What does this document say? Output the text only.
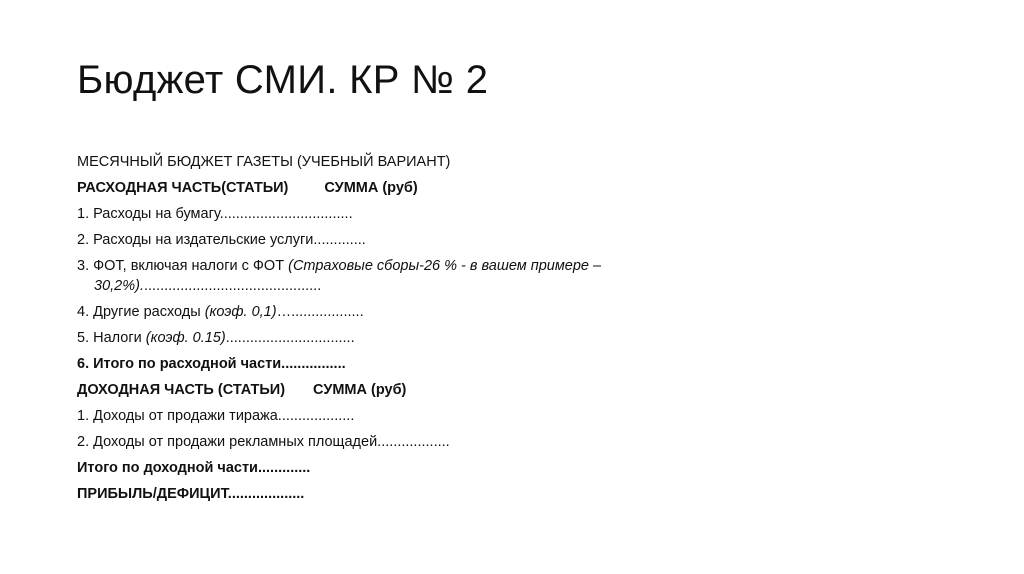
Бюджет СМИ. КР № 2
МЕСЯЧНЫЙ БЮДЖЕТ ГАЗЕТЫ (УЧЕБНЫЙ ВАРИАНТ)
РАСХОДНАЯ ЧАСТЬ(СТАТЬИ) СУММА (руб)
1. Расходы на бумагу.................................
2. Расходы на издательские услуги.............
3. ФОТ, включая налоги с ФОТ (Страховые сборы-26 % - в вашем примере –
30,2%).............................................
4. Другие расходы (коэф. 0,1)…..................
5. Налоги (коэф. 0.15)................................
6. Итого по расходной части................
ДОХОДНАЯ ЧАСТЬ (СТАТЬИ) СУММА (руб)
1. Доходы от продажи тиража...................
2. Доходы от продажи рекламных площадей..................
Итого по доходной части.............
ПРИБЫЛЬ/ДЕФИЦИТ...................
